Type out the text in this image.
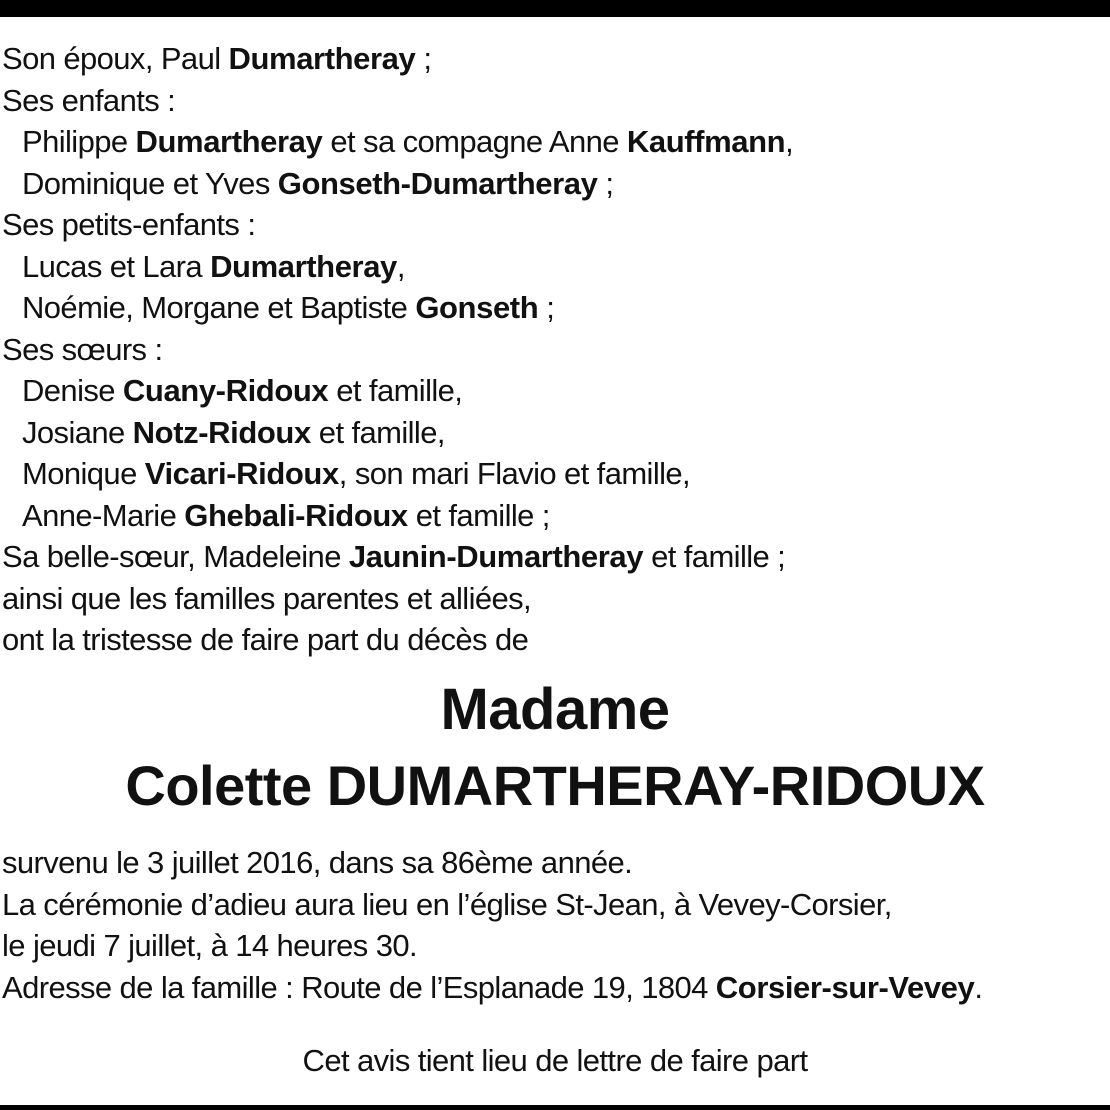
Son époux, Paul Dumartheray ;
Ses enfants :
Philippe Dumartheray et sa compagne Anne Kauffmann,
Dominique et Yves Gonseth-Dumartheray ;
Ses petits-enfants :
Lucas et Lara Dumartheray,
Noémie, Morgane et Baptiste Gonseth ;
Ses sœurs :
Denise Cuany-Ridoux et famille,
Josiane Notz-Ridoux et famille,
Monique Vicari-Ridoux, son mari Flavio et famille,
Anne-Marie Ghebali-Ridoux et famille ;
Sa belle-sœur, Madeleine Jaunin-Dumartheray et famille ;
ainsi que les familles parentes et alliées,
ont la tristesse de faire part du décès de
Madame
Colette DUMARTHERAY-RIDOUX
survenu le 3 juillet 2016, dans sa 86ème année.
La cérémonie d’adieu aura lieu en l’église St-Jean, à Vevey-Corsier,
le jeudi 7 juillet, à 14 heures 30.
Adresse de la famille : Route de l’Esplanade 19, 1804 Corsier-sur-Vevey.
Cet avis tient lieu de lettre de faire part
